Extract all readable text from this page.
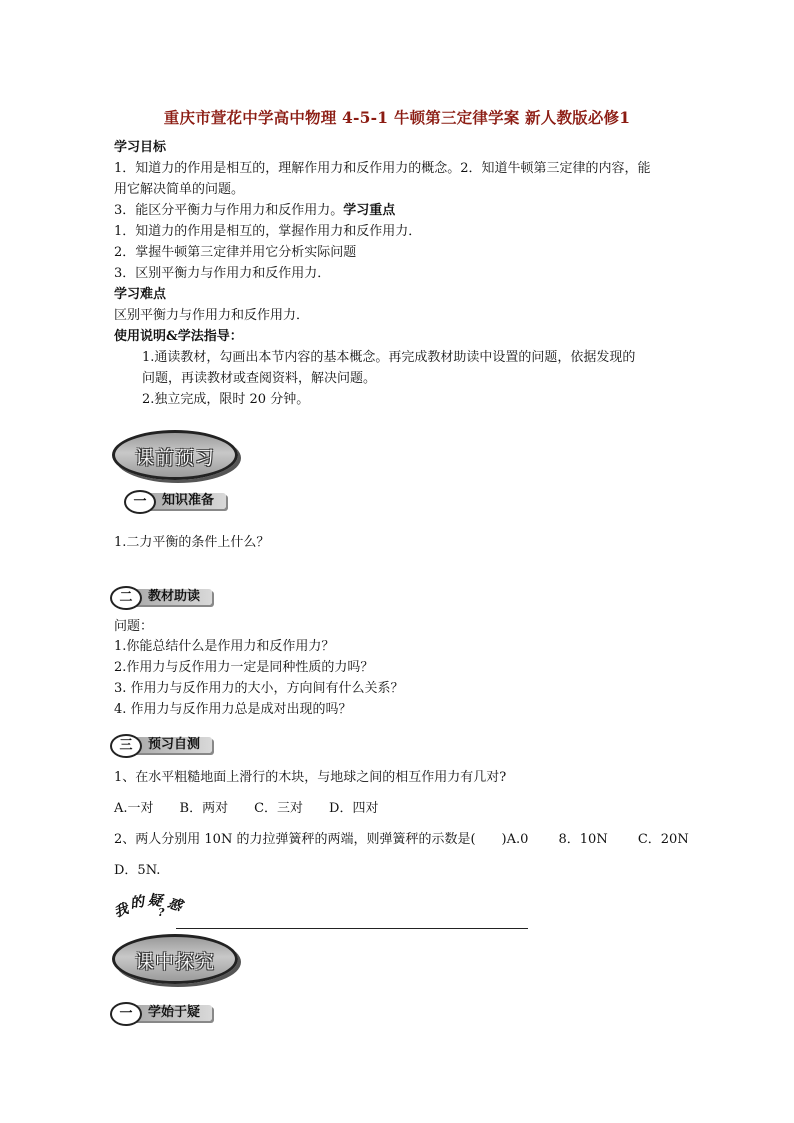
重庆市萱花中学高中物理 4-5-1 牛顿第三定律学案 新人教版必修1
学习目标
1．知道力的作用是相互的，理解作用力和反作用力的概念。2．知道牛顿第三定律的内容，能
用它解决简单的问题。
3．能区分平衡力与作用力和反作用力。学习重点
1．知道力的作用是相互的，掌握作用力和反作用力．
2．掌握牛顿第三定律并用它分析实际问题
3．区别平衡力与作用力和反作用力．
学习难点
区别平衡力与作用力和反作用力．
使用说明&学法指导：
1.通读教材，勾画出本节内容的基本概念。再完成教材助读中设置的问题，依据发现的
问题，再读教材或查阅资料，解决问题。
2.独立完成，限时 20 分钟。
课前预习
知识准备
一
1.二力平衡的条件上什么？
教材助读
二
问题：
1.你能总结什么是作用力和反作用力？
2.作用力与反作用力一定是同种性质的力吗？
3. 作用力与反作用力的大小，方向间有什么关系？
4. 作用力与反作用力总是成对出现的吗？
预习自测
三
1、在水平粗糙地面上滑行的木块，与地球之间的相互作用力有几对?
A.一对　　B．两对　　C．三对　　D．四对
2、两人分别用 10N 的力拉弹簧秤的两端，则弹簧秤的示数是(　　)A.0　　 8．10N　　 C．20N
D．5N.
我
的 疑 惑
?
课中探究
学始于疑
一
